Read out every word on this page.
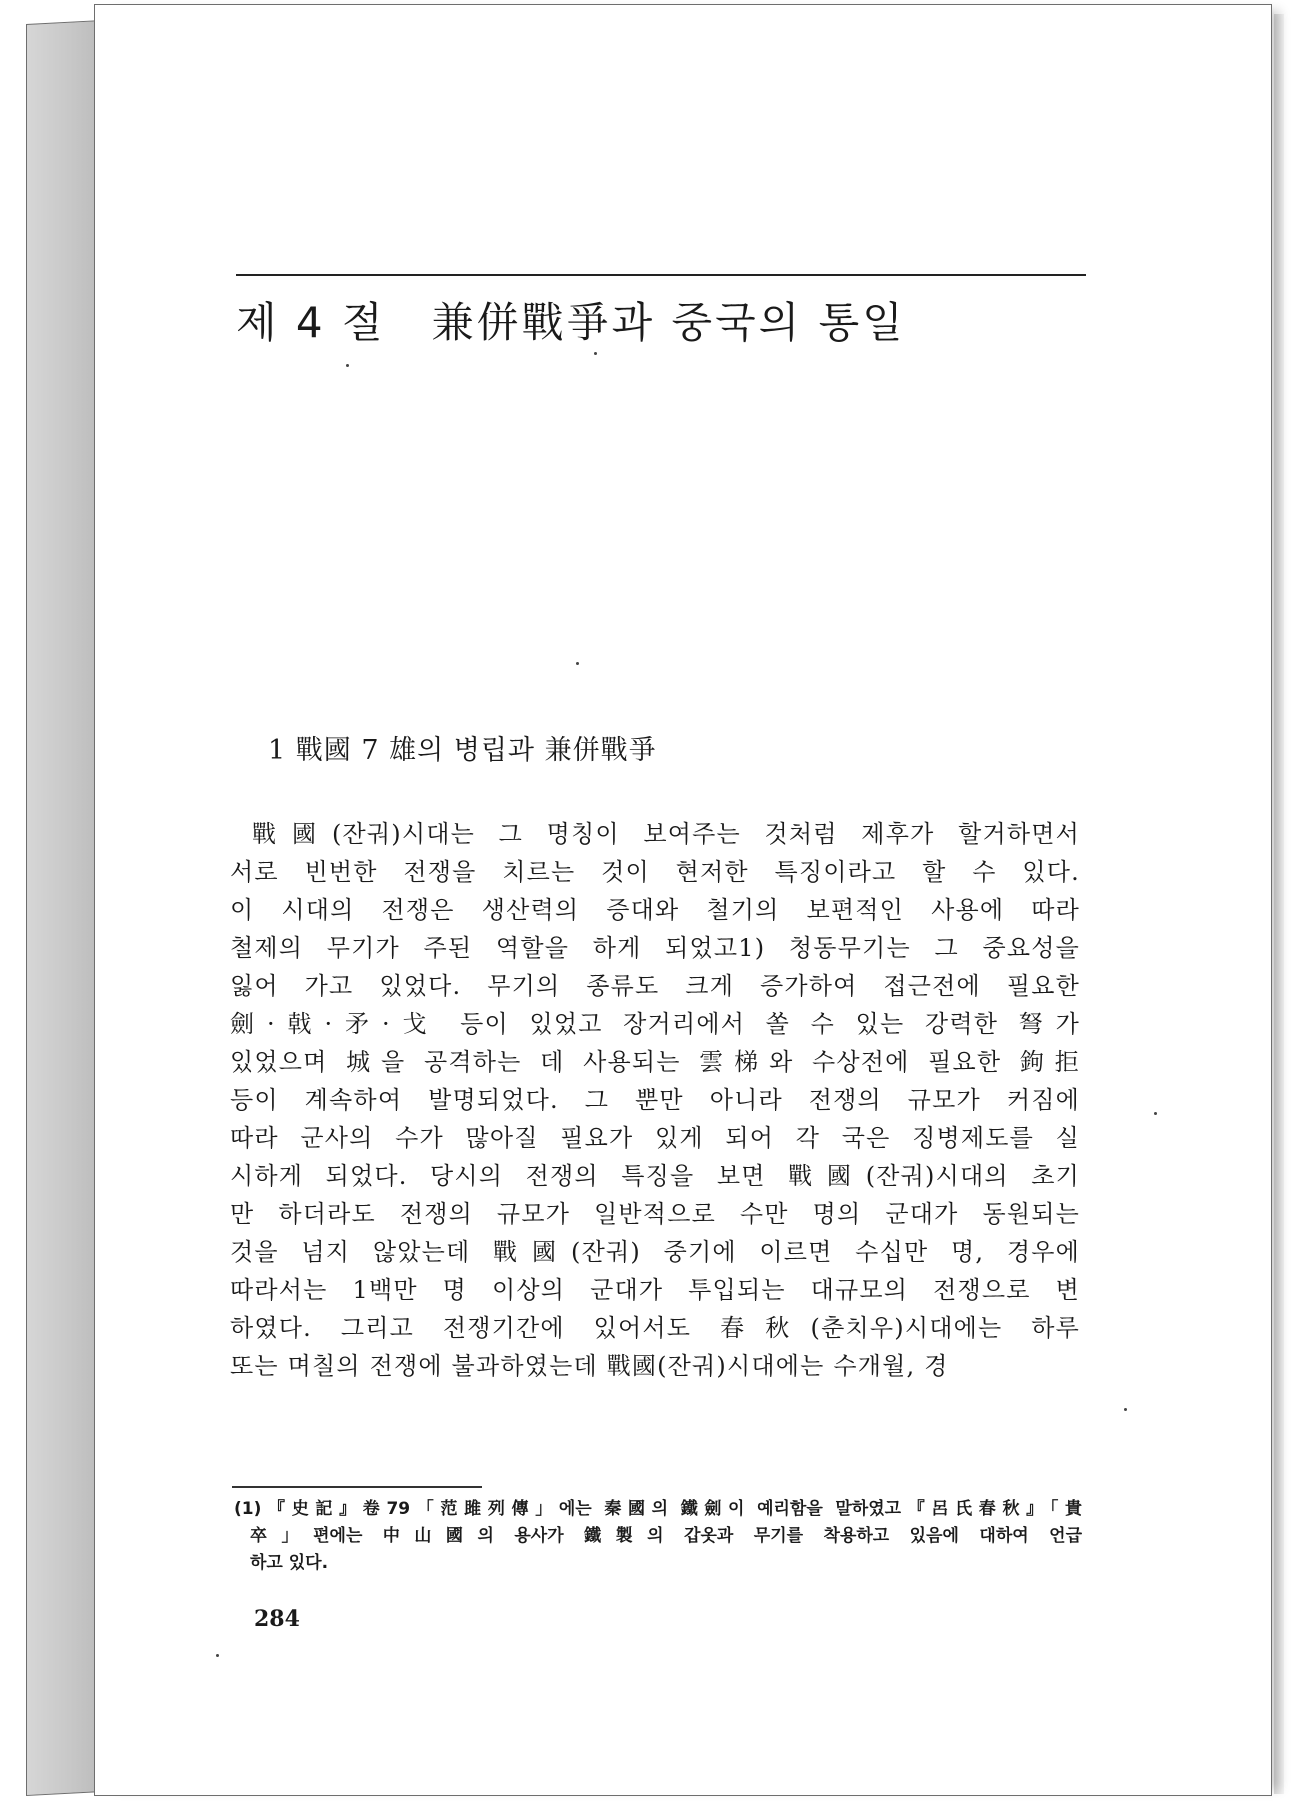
제 4 절 兼併戰爭과 중국의 통일
1 戰國 7 雄의 병립과 兼併戰爭

戰國(잔궈)시대는 그 명칭이 보여주는 것처럼 제후가 할거하면서
서로 빈번한 전쟁을 치르는 것이 현저한 특징이라고 할 수 있다.
이 시대의 전쟁은 생산력의 증대와 철기의 보편적인 사용에 따라
철제의 무기가 주된 역할을 하게 되었고1) 청동무기는 그 중요성을
잃어 가고 있었다. 무기의 종류도 크게 증가하여 접근전에 필요한
劍·戟·矛·戈 등이 있었고 장거리에서 쏠 수 있는 강력한 弩가
있었으며 城을 공격하는 데 사용되는 雲梯와 수상전에 필요한 鉤拒
등이 계속하여 발명되었다. 그 뿐만 아니라 전쟁의 규모가 커짐에
따라 군사의 수가 많아질 필요가 있게 되어 각 국은 징병제도를 실
시하게 되었다. 당시의 전쟁의 특징을 보면 戰國(잔궈)시대의 초기
만 하더라도 전쟁의 규모가 일반적으로 수만 명의 군대가 동원되는
것을 넘지 않았는데 戰國(잔궈) 중기에 이르면 수십만 명, 경우에
따라서는 1백만 명 이상의 군대가 투입되는 대규모의 전쟁으로 변
하였다. 그리고 전쟁기간에 있어서도 春秋(춘치우)시대에는 하루
또는 며칠의 전쟁에 불과하였는데 戰國(잔궈)시대에는 수개월, 경

(1)『史記』卷79「范雎列傳」에는 秦國의 鐵劍이 예리함을 말하였고『呂氏春秋』「貴
卒」편에는 中山國의 용사가 鐵製의 갑옷과 무기를 착용하고 있음에 대하여 언급
하고 있다.

284
